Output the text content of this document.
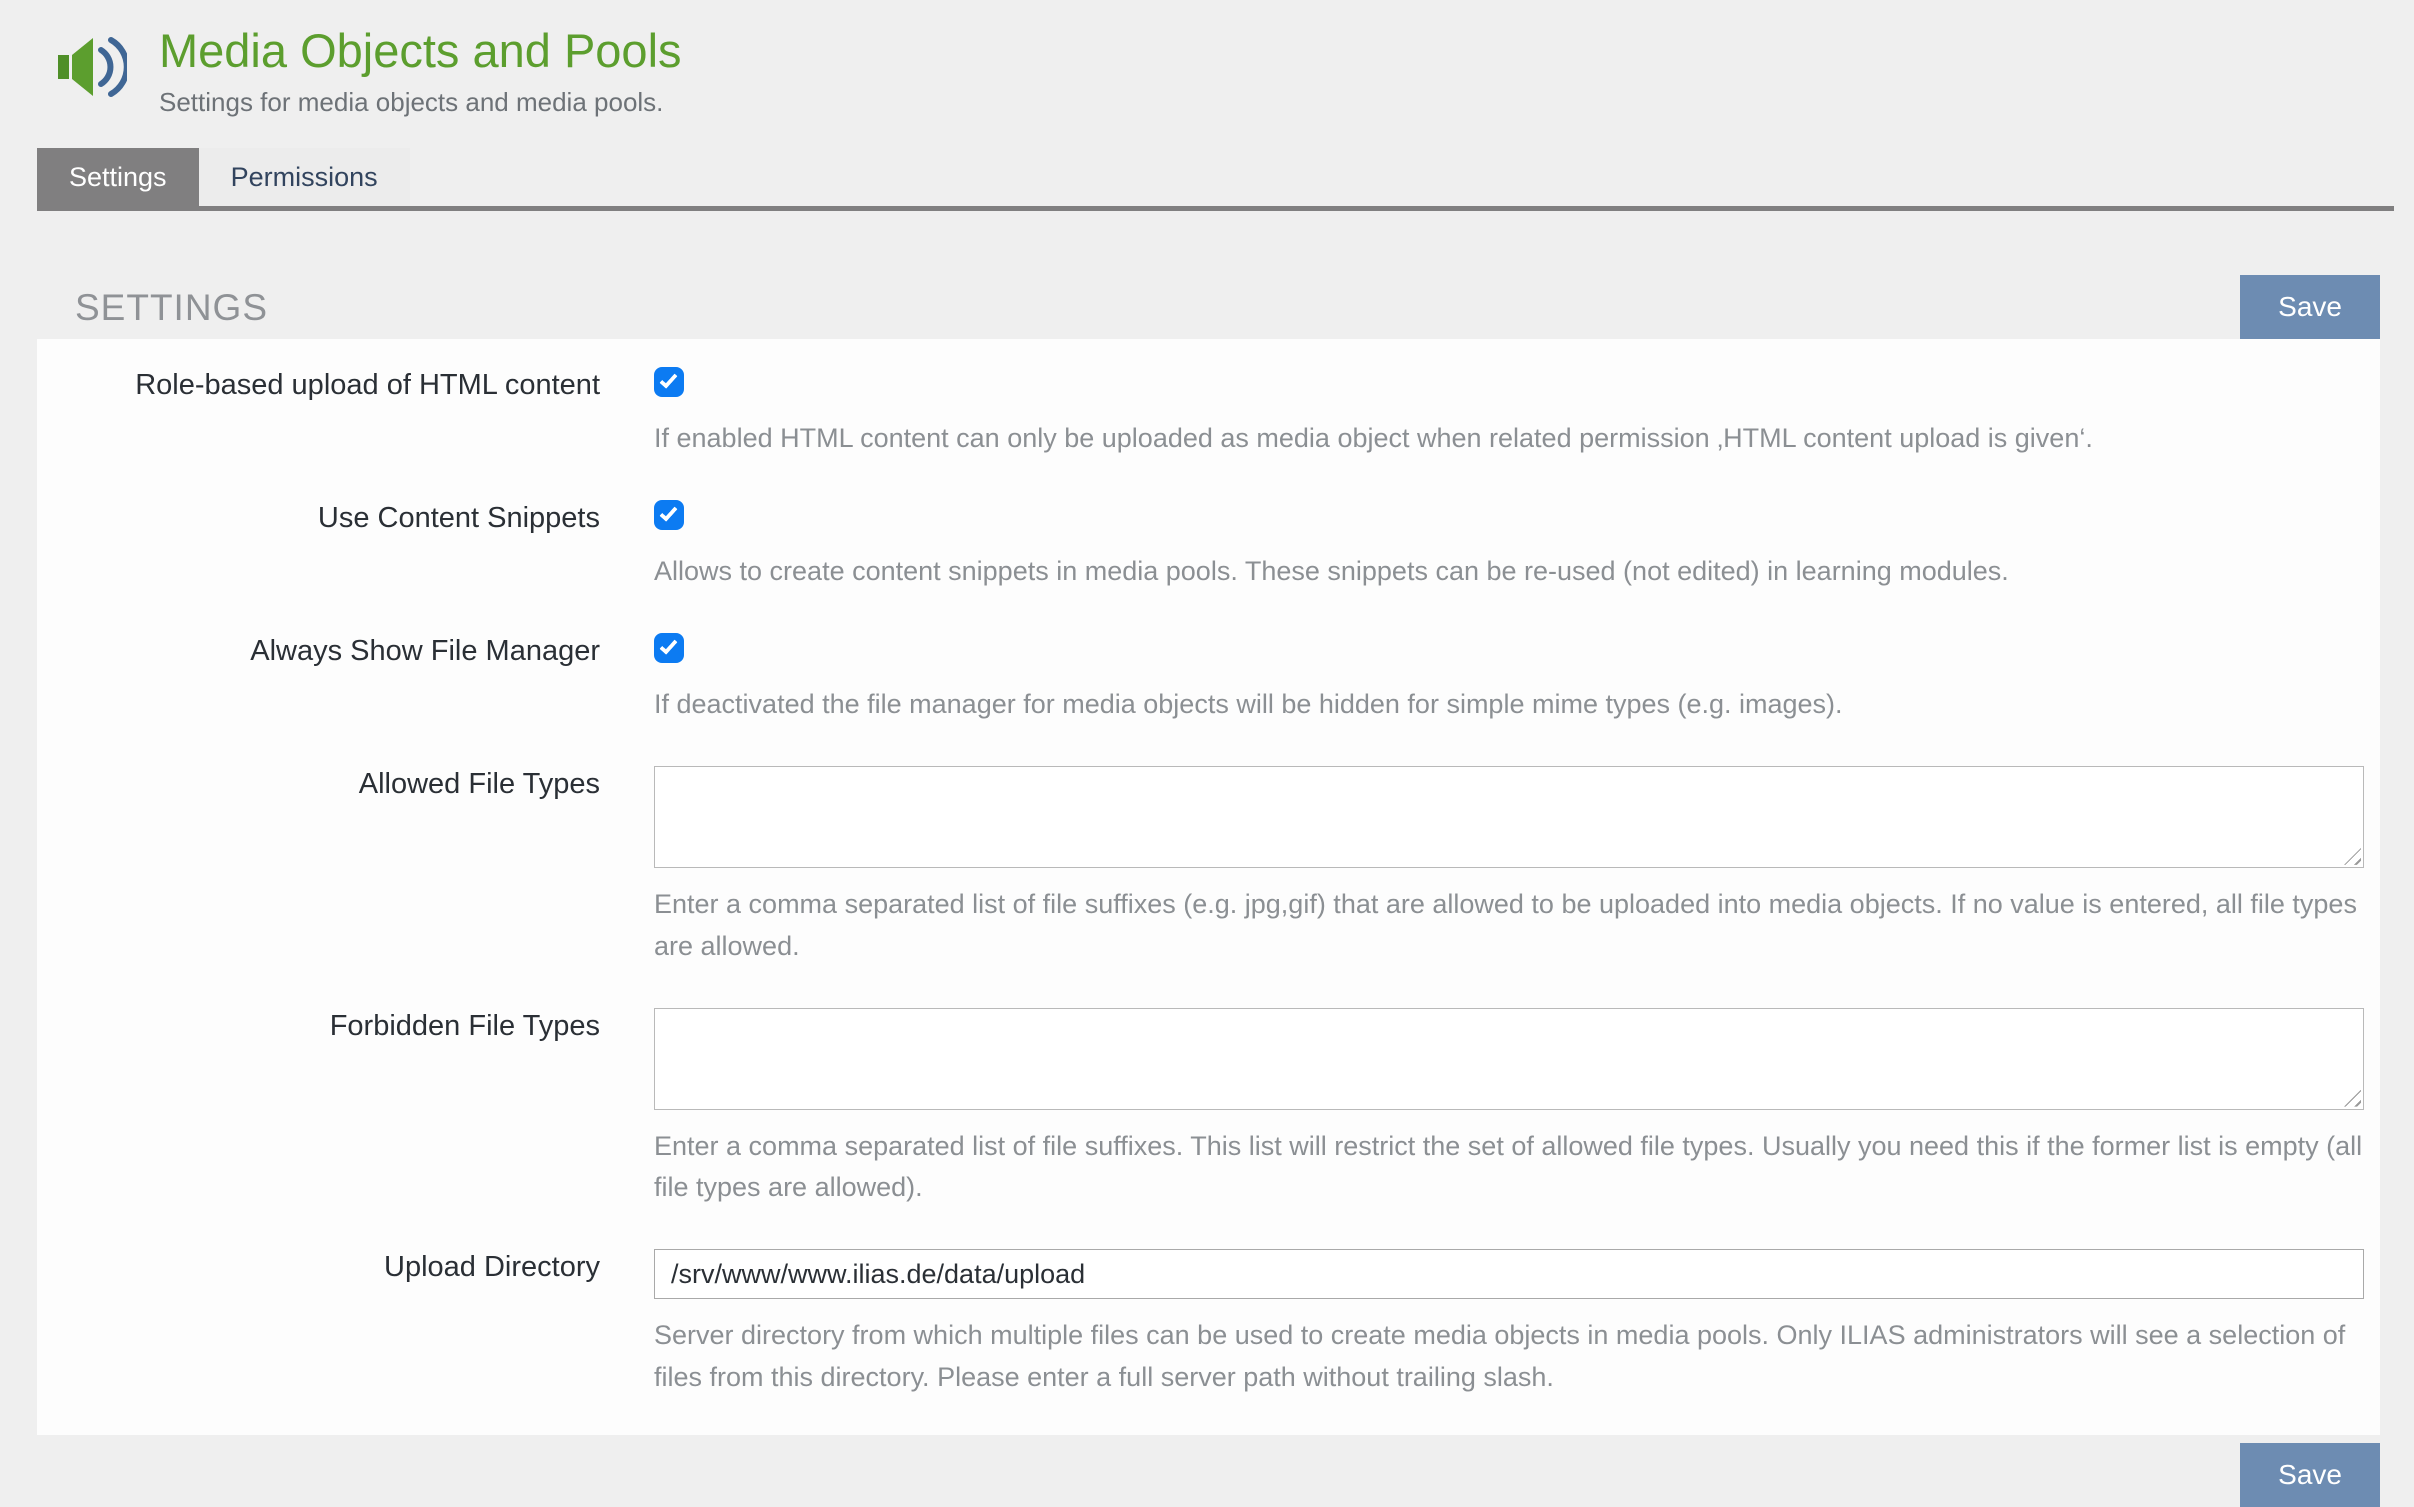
Media Objects and Pools
Settings for media objects and media pools.
Settings	Permissions
SETTINGS	Save
Role-based upload of HTML content
If enabled HTML content can only be uploaded as media object when related permission ‚HTML content upload is given‘.
Use Content Snippets
Allows to create content snippets in media pools. These snippets can be re-used (not edited) in learning modules.
Always Show File Manager
If deactivated the file manager for media objects will be hidden for simple mime types (e.g. images).
Allowed File Types
Enter a comma separated list of file suffixes (e.g. jpg,gif) that are allowed to be uploaded into media objects. If no value is entered, all file types are allowed.
Forbidden File Types
Enter a comma separated list of file suffixes. This list will restrict the set of allowed file types. Usually you need this if the former list is empty (all file types are allowed).
Upload Directory
/srv/www/www.ilias.de/data/upload
Server directory from which multiple files can be used to create media objects in media pools. Only ILIAS administrators will see a selection of files from this directory. Please enter a full server path without trailing slash.
Save
